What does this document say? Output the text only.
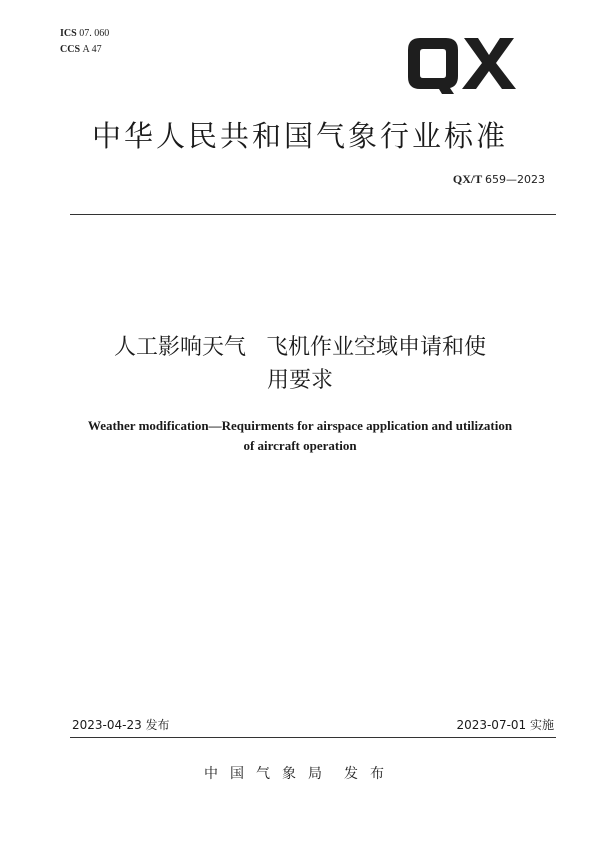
ICS 07. 060
CCS A 47
中华人民共和国气象行业标准
QX/T 659—2023
人工影响天气 飞机作业空域申请和使
用要求
Weather modification—Requirments for airspace application and utilization
of aircraft operation
2023-04-23 发布	2023-07-01 实施
中国气象局 发布
